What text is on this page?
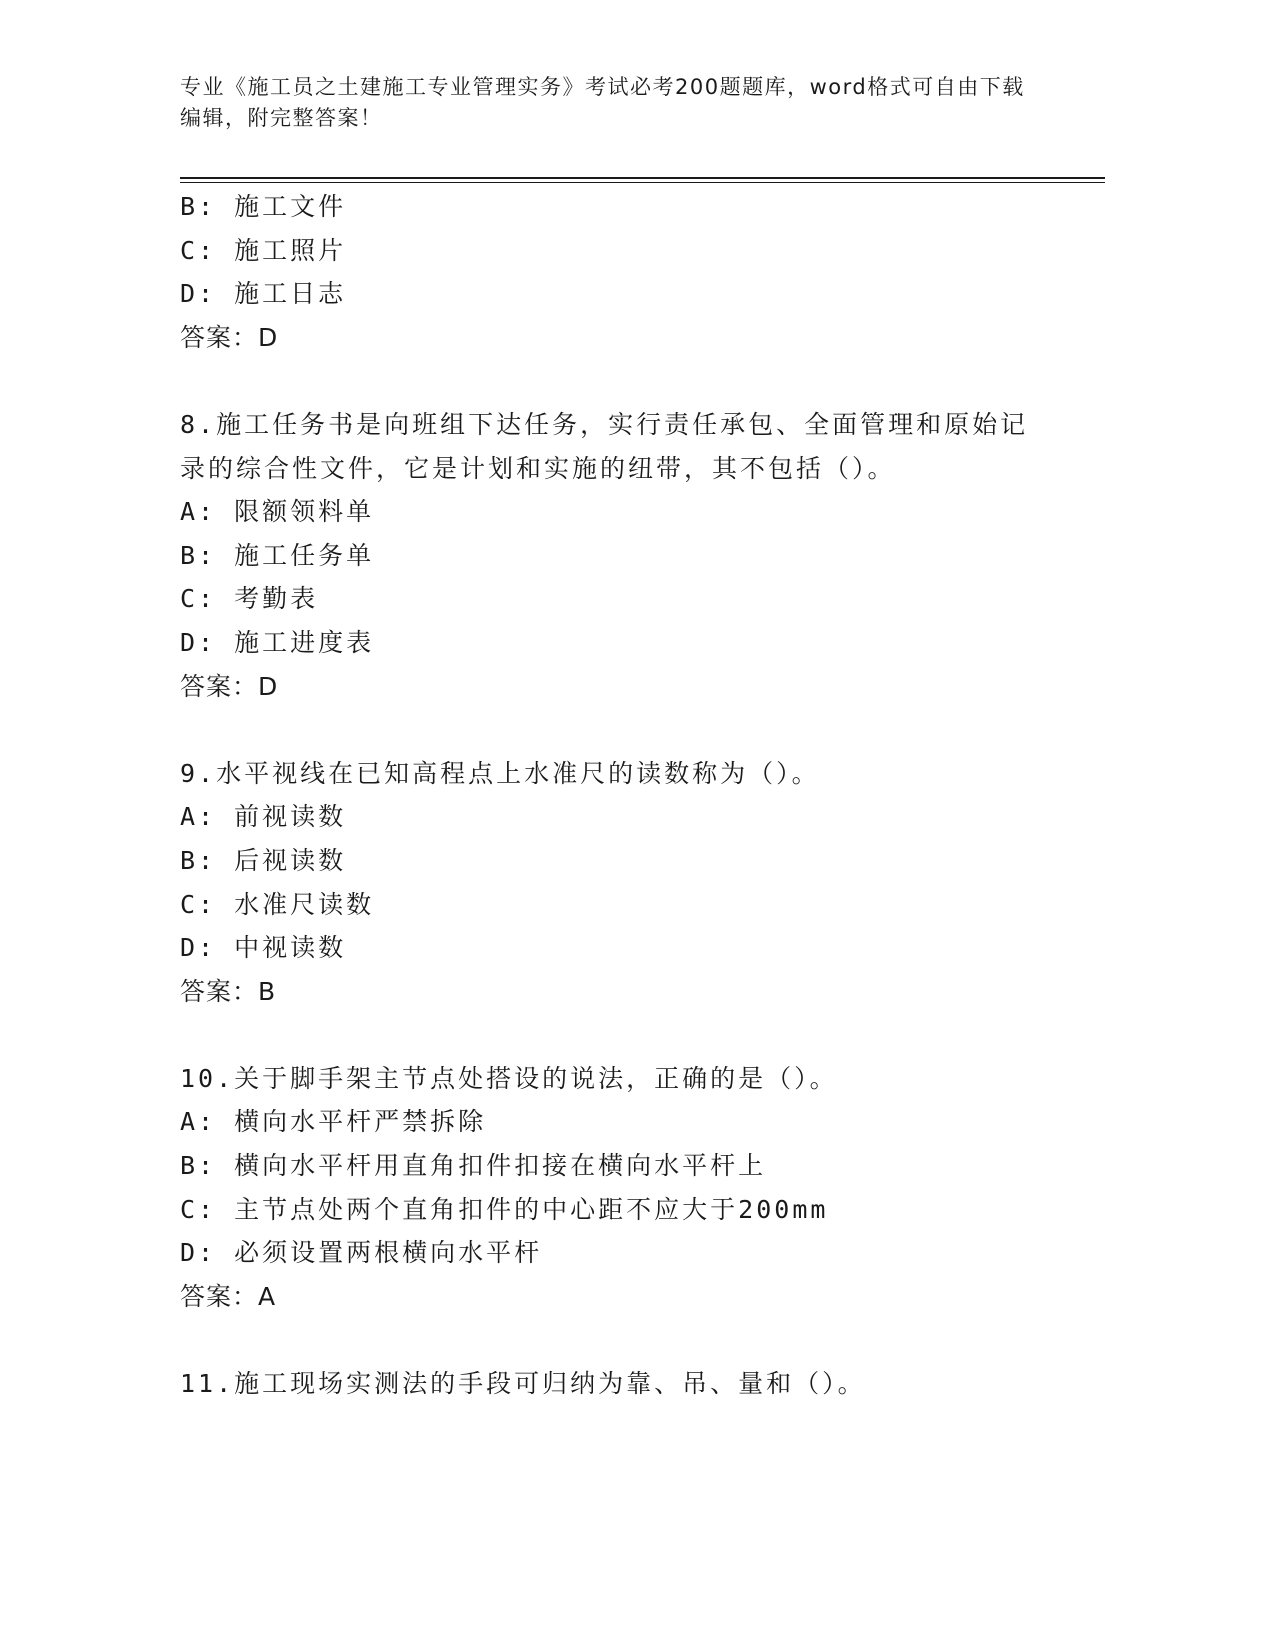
专业《施工员之土建施工专业管理实务》考试必考200题题库，word格式可自由下载编辑，附完整答案！
B: 施工文件
C: 施工照片
D: 施工日志
答案：D
8.施工任务书是向班组下达任务，实行责任承包、全面管理和原始记
录的综合性文件，它是计划和实施的纽带，其不包括（）。
A: 限额领料单
B: 施工任务单
C: 考勤表
D: 施工进度表
答案：D
9.水平视线在已知高程点上水准尺的读数称为（）。
A: 前视读数
B: 后视读数
C: 水准尺读数
D: 中视读数
答案：B
10.关于脚手架主节点处搭设的说法，正确的是（）。
A: 横向水平杆严禁拆除
B: 横向水平杆用直角扣件扣接在横向水平杆上
C: 主节点处两个直角扣件的中心距不应大于200mm
D: 必须设置两根横向水平杆
答案：A
11.施工现场实测法的手段可归纳为靠、吊、量和（）。
